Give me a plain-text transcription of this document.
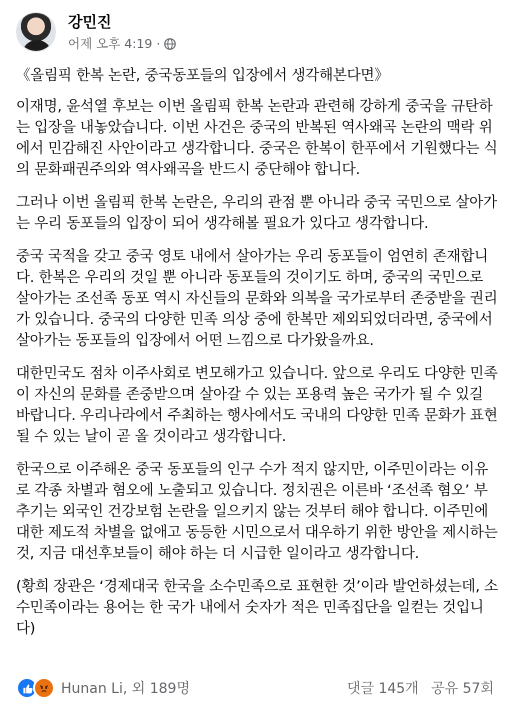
강민진
어제 오후 4:19 ·

《올림픽 한복 논란, 중국동포들의 입장에서 생각해본다면》

이재명, 윤석열 후보는 이번 올림픽 한복 논란과 관련해 강하게 중국을 규탄하는 입장을 내놓았습니다. 이번 사건은 중국의 반복된 역사왜곡 논란의 맥락 위에서 민감해진 사안이라고 생각합니다. 중국은 한복이 한푸에서 기원했다는 식의 문화패권주의와 역사왜곡을 반드시 중단해야 합니다.

그러나 이번 올림픽 한복 논란은, 우리의 관점 뿐 아니라 중국 국민으로 살아가는 우리 동포들의 입장이 되어 생각해볼 필요가 있다고 생각합니다.

중국 국적을 갖고 중국 영토 내에서 살아가는 우리 동포들이 엄연히 존재합니다. 한복은 우리의 것일 뿐 아니라 동포들의 것이기도 하며, 중국의 국민으로 살아가는 조선족 동포 역시 자신들의 문화와 의복을 국가로부터 존중받을 권리가 있습니다. 중국의 다양한 민족 의상 중에 한복만 제외되었더라면, 중국에서 살아가는 동포들의 입장에서 어떤 느낌으로 다가왔을까요.

대한민국도 점차 이주사회로 변모해가고 있습니다. 앞으로 우리도 다양한 민족이 자신의 문화를 존중받으며 살아갈 수 있는 포용력 높은 국가가 될 수 있길 바랍니다. 우리나라에서 주최하는 행사에서도 국내의 다양한 민족 문화가 표현될 수 있는 날이 곧 올 것이라고 생각합니다.

한국으로 이주해온 중국 동포들의 인구 수가 적지 않지만, 이주민이라는 이유로 각종 차별과 혐오에 노출되고 있습니다. 정치권은 이른바 ‘조선족 혐오’ 부추기는 외국인 건강보험 논란을 일으키지 않는 것부터 해야 합니다. 이주민에 대한 제도적 차별을 없애고 동등한 시민으로서 대우하기 위한 방안을 제시하는 것, 지금 대선후보들이 해야 하는 더 시급한 일이라고 생각합니다.

(황희 장관은 ‘경제대국 한국을 소수민족으로 표현한 것’이라 발언하셨는데, 소수민족이라는 용어는 한 국가 내에서 숫자가 적은 민족집단을 일컫는 것입니다)

Hunan Li, 외 189명	댓글 145개 공유 57회
